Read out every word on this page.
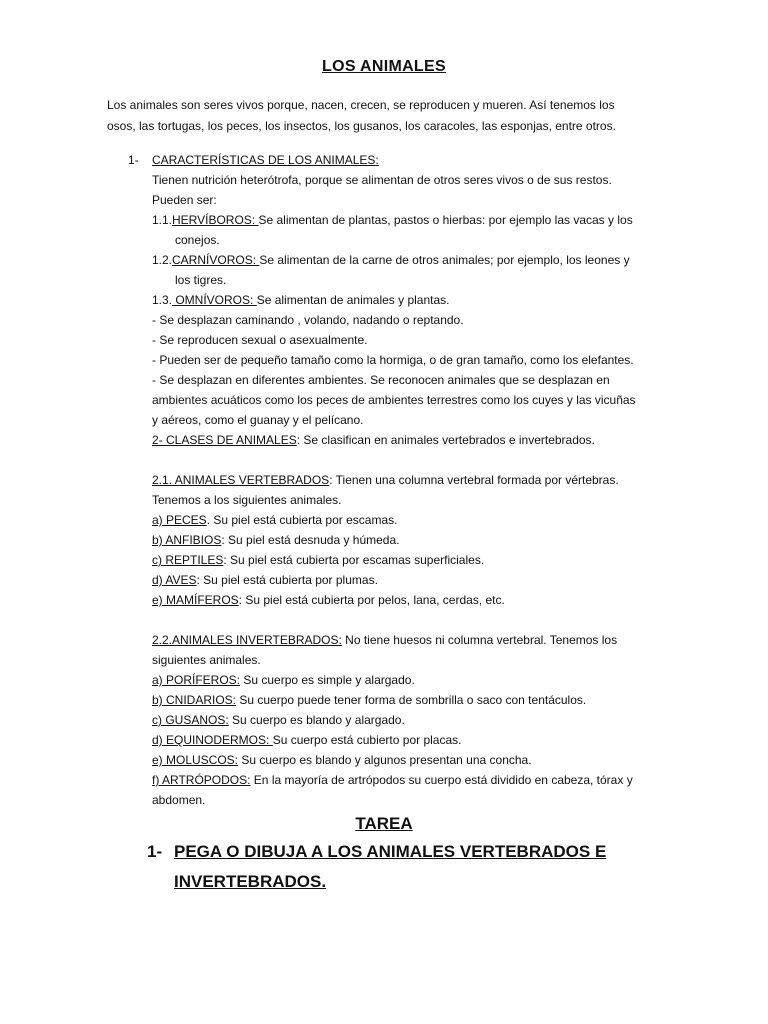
LOS ANIMALES
Los animales son seres vivos porque, nacen, crecen, se reproducen y mueren. Así tenemos los
osos, las tortugas, los peces, los insectos, los gusanos, los caracoles, las esponjas, entre otros.
1- CARACTERÍSTICAS DE LOS ANIMALES:
Tienen nutrición heterótrofa, porque se alimentan de otros seres vivos o de sus restos.
Pueden ser:
1.1.HERVÍBOROS: Se alimentan de plantas, pastos o hierbas: por ejemplo las vacas y los
conejos.
1.2.CARNÍVOROS: Se alimentan de la carne de otros animales; por ejemplo, los leones y
los tigres.
1.3. OMNÍVOROS: Se alimentan de animales y plantas.
- Se desplazan caminando , volando, nadando o reptando.
- Se reproducen sexual o asexualmente.
- Pueden ser de pequeño tamaño como la hormiga, o de gran tamaño, como los elefantes.
- Se desplazan en diferentes ambientes. Se reconocen animales que se desplazan en
ambientes acuáticos como los peces de ambientes terrestres como los cuyes y las vicuñas
y aéreos, como el guanay y el pelícano.
2- CLASES DE ANIMALES: Se clasifican en animales vertebrados e invertebrados.
2.1. ANIMALES VERTEBRADOS: Tienen una columna vertebral formada por vértebras.
Tenemos a los siguientes animales.
a) PECES. Su piel está cubierta por escamas.
b) ANFIBIOS: Su piel está desnuda y húmeda.
c) REPTILES: Su piel está cubierta por escamas superficiales.
d) AVES: Su piel está cubierta por plumas.
e) MAMÍFEROS: Su piel está cubierta por pelos, lana, cerdas, etc.
2.2.ANIMALES INVERTEBRADOS: No tiene huesos ni columna vertebral. Tenemos los
siguientes animales.
a) PORÍFEROS: Su cuerpo es simple y alargado.
b) CNIDARIOS: Su cuerpo puede tener forma de sombrilla o saco con tentáculos.
c) GUSANOS: Su cuerpo es blando y alargado.
d) EQUINODERMOS: Su cuerpo está cubierto por placas.
e) MOLUSCOS: Su cuerpo es blando y algunos presentan una concha.
f) ARTRÓPODOS: En la mayoría de artrópodos su cuerpo está dividido en cabeza, tórax y
abdomen.
TAREA
1- PEGA O DIBUJA A LOS ANIMALES VERTEBRADOS E
INVERTEBRADOS.
